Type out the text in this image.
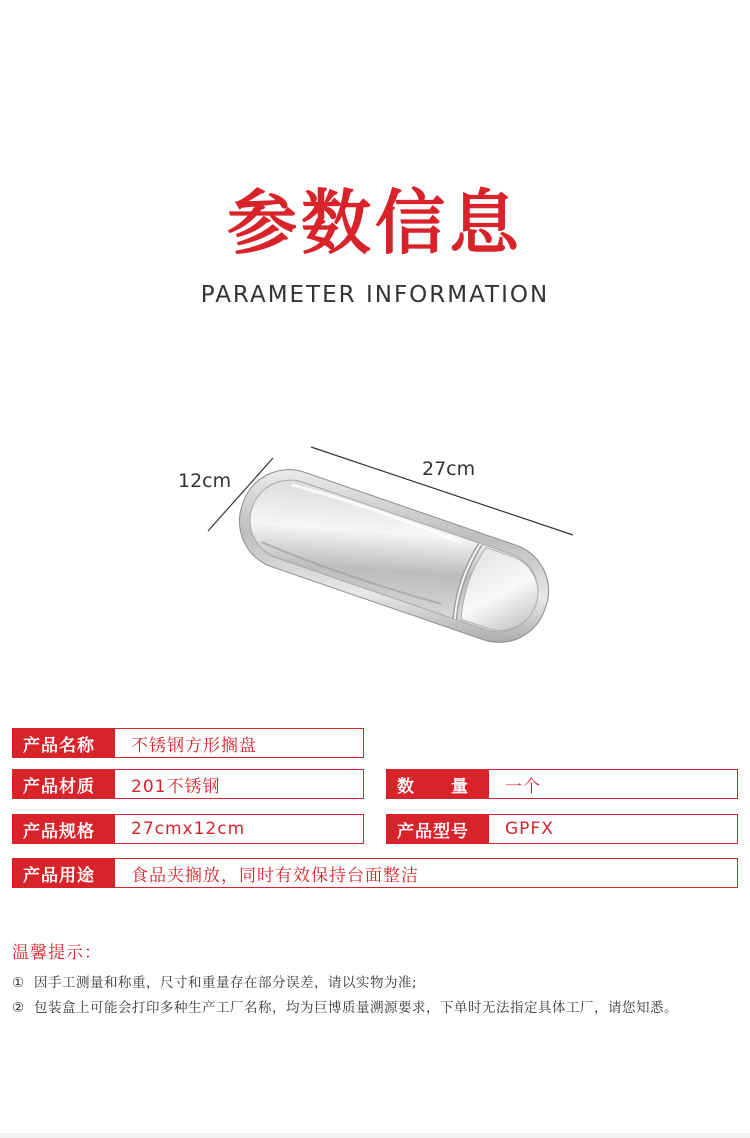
参数信息
PARAMETER INFORMATION
12cm
27cm
产品名称	不锈钢方形搁盘
产品材质	201不锈钢	数　　量	一个
产品规格	27cmx12cm	产品型号	GPFX
产品用途	食品夹搁放，同时有效保持台面整洁
温馨提示：
① 因手工测量和称重，尺寸和重量存在部分误差，请以实物为准;
② 包装盒上可能会打印多种生产工厂名称，均为巨博质量溯源要求，下单时无法指定具体工厂，请您知悉。
